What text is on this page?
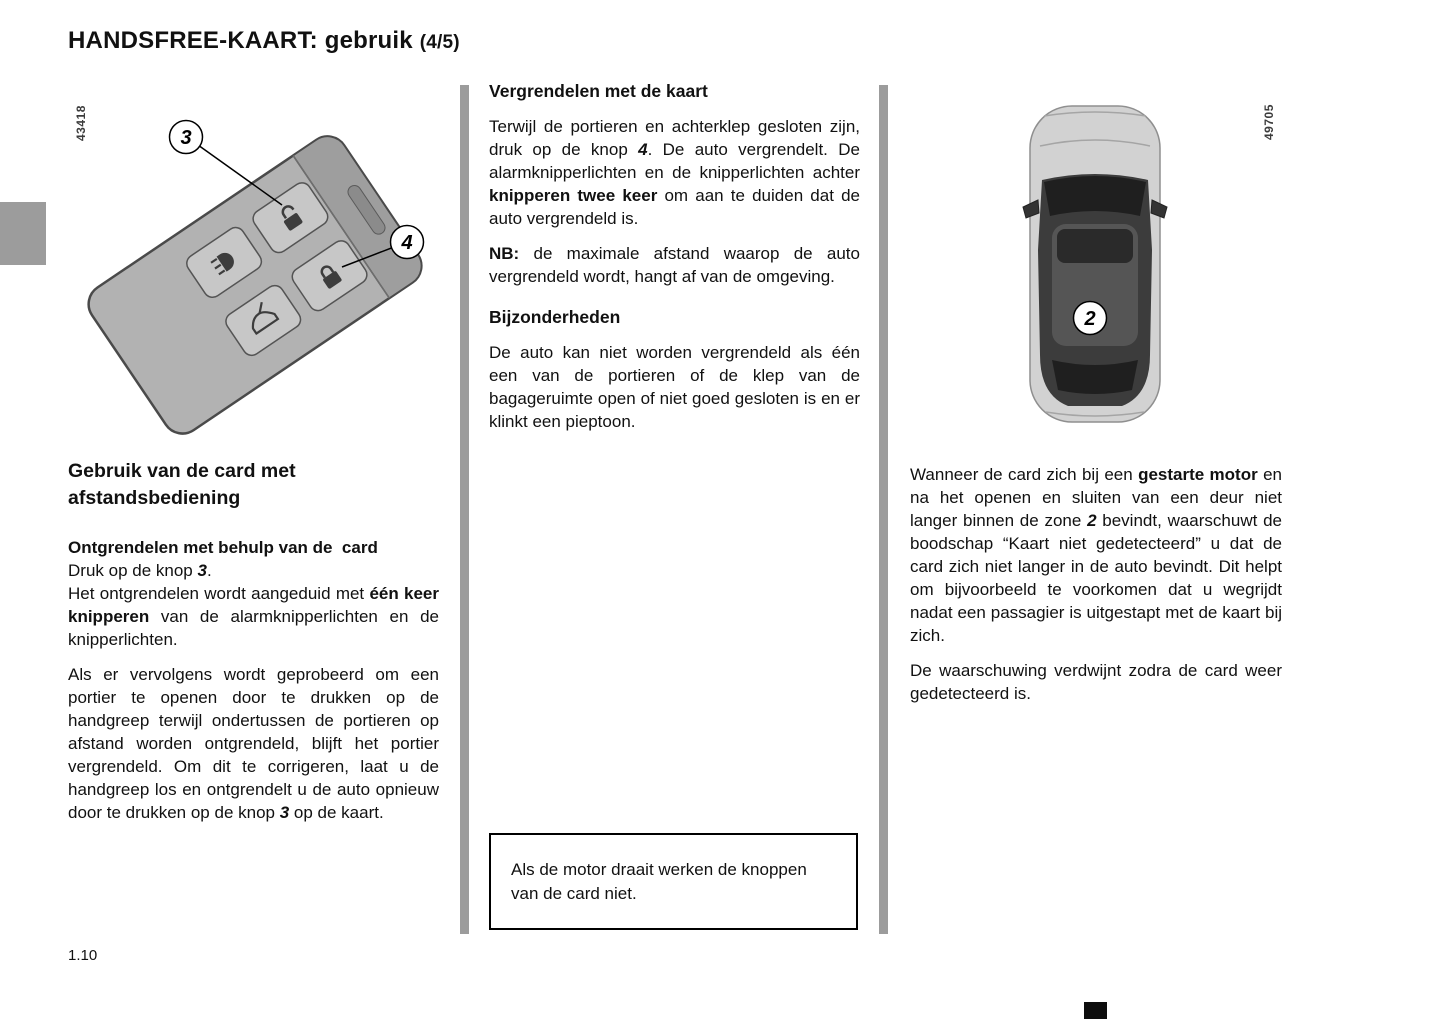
HANDSFREE-KAART: gebruik (4/5)
43418	49705
3
4
Gebruik van de card met afstandsbediening
Ontgrendelen met behulp van de  card

Druk op de knop 3.

Het ontgrendelen wordt aangeduid met één keer knipperen van de alarmknipperlichten en de knipperlichten.

Als er vervolgens wordt geprobeerd om een portier te openen door te drukken op de handgreep terwijl ondertussen de portieren op afstand worden ontgrendeld, blijft het portier vergrendeld. Om dit te corrigeren, laat u de handgreep los en ontgrendelt u de auto opnieuw door te drukken op de knop 3 op de kaart.

Vergrendelen met de kaart

Terwijl de portieren en achterklep gesloten zijn, druk op de knop 4. De auto vergrendelt. De alarmknipperlichten en de knipperlichten achter knipperen twee keer om aan te duiden dat de auto vergrendeld is.

NB: de maximale afstand waarop de auto vergrendeld wordt, hangt af van de omgeving.

Bijzonderheden

De auto kan niet worden vergrendeld als één een van de portieren of de klep van de bagageruimte open of niet goed gesloten is en er klinkt een pieptoon.

Als de motor draait werken de knoppen van de card niet.
2

Wanneer de card zich bij een gestarte motor en na het openen en sluiten van een deur niet langer binnen de zone 2 bevindt, waarschuwt de boodschap “Kaart niet gedetecteerd” u dat de card zich niet langer in de auto bevindt. Dit helpt om bijvoorbeeld te voorkomen dat u wegrijdt nadat een passagier is uitgestapt met de kaart bij zich.

De waarschuwing verdwijnt zodra de card weer gedetecteerd is.

1.10
